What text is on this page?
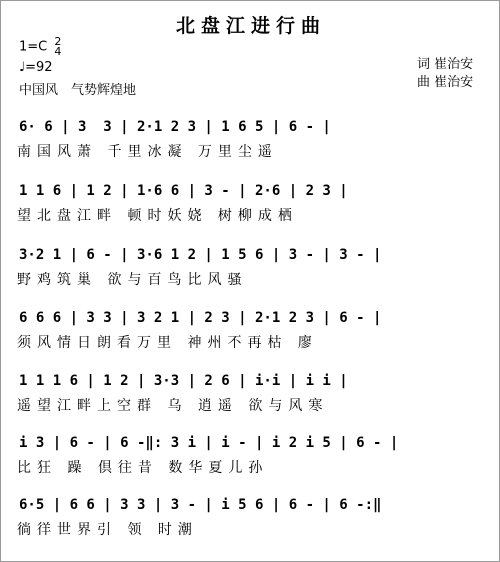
北盘江进行曲
1=C 2
4
♩=92
中国风　气势辉煌地
词 崔治安
曲 崔治安
6· 6 | 3  3 | 2·1 2 3 | 1 6 5 | 6 - |
南国风萧 千里冰凝 万里尘遥
1 1 6 | 1 2 | 1·6 6 | 3 - | 2·6 | 2 3 |
望北盘江畔 顿时妖娆 树柳成栖
3·2 1 | 6 - | 3·6 1 2 | 1 5 6 | 3 - | 3 - |
野鸡筑巢 欲与百鸟比风骚
6 6 6 | 3 3 | 3 2 1 | 2 3 | 2·1 2 3 | 6 - |
须风情日朗看万里 神州不再枯 廖
1 1 1 6 | 1 2 | 3·3 | 2 6 | i·i | i i |
遥望江畔上空群 乌 逍遥 欲与风寒
i 3 | 6 - | 6 -‖: 3 i | i - | i 2 i 5 | 6 - |
比狂 躁 倶往昔 数华夏儿孙
6·5 | 6 6 | 3 3 | 3 - | i 5 6 | 6 - | 6 -:‖
徜徉世界引 领 时潮
